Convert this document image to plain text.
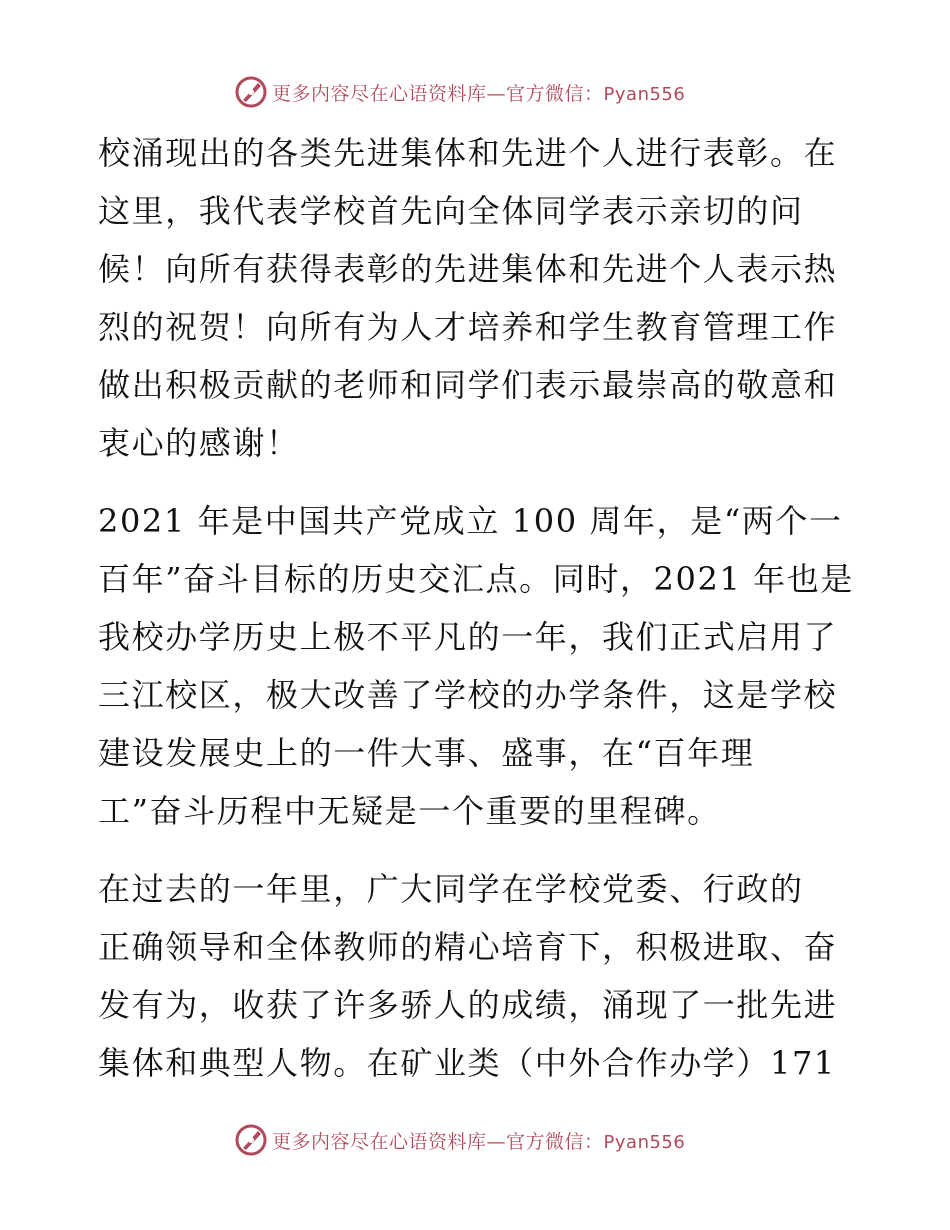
更多内容尽在心语资料库—官方微信：Pyan556

校涌现出的各类先进集体和先进个人进行表彰。在
这里，我代表学校首先向全体同学表示亲切的问
候！向所有获得表彰的先进集体和先进个人表示热
烈的祝贺！向所有为人才培养和学生教育管理工作
做出积极贡献的老师和同学们表示最崇高的敬意和
衷心的感谢！

2021 年是中国共产党成立 100 周年，是“两个一
百年”奋斗目标的历史交汇点。同时，2021 年也是
我校办学历史上极不平凡的一年，我们正式启用了
三江校区，极大改善了学校的办学条件，这是学校
建设发展史上的一件大事、盛事，在“百年理
工”奋斗历程中无疑是一个重要的里程碑。

在过去的一年里，广大同学在学校党委、行政的
正确领导和全体教师的精心培育下，积极进取、奋
发有为，收获了许多骄人的成绩，涌现了一批先进
集体和典型人物。在矿业类（中外合作办学）171

更多内容尽在心语资料库—官方微信：Pyan556
